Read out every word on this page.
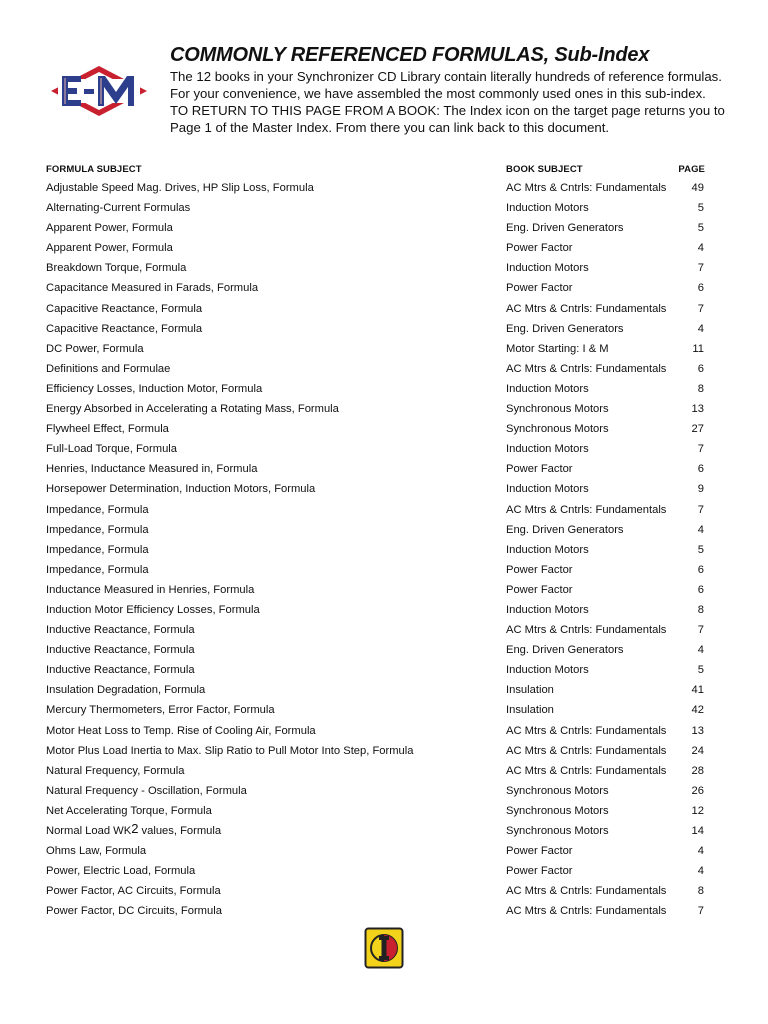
COMMONLY REFERENCED FORMULAS, Sub-Index
The 12 books in your Synchronizer CD Library contain literally hundreds of reference formulas.
For your convenience, we have assembled the most commonly used ones in this sub-index.
TO RETURN TO THIS PAGE FROM A BOOK: The Index icon on the target page returns you to
Page 1 of the Master Index. From there you can link back to this document.
FORMULA SUBJECT	BOOK SUBJECT	PAGE
Adjustable Speed Mag. Drives, HP Slip Loss, Formula	AC Mtrs & Cntrls: Fundamentals 49
Alternating-Current Formulas	Induction Motors	5
Apparent Power, Formula	Eng. Driven Generators	5
Apparent Power, Formula	Power Factor	4
Breakdown Torque, Formula	Induction Motors	7
Capacitance Measured in Farads, Formula	Power Factor	6
Capacitive Reactance, Formula	AC Mtrs & Cntrls: Fundamentals	7
Capacitive Reactance, Formula	Eng. Driven Generators	4
DC Power, Formula	Motor Starting: I & M	11
Definitions and Formulae	AC Mtrs & Cntrls: Fundamentals	6
Efficiency Losses, Induction Motor, Formula	Induction Motors	8
Energy Absorbed in Accelerating a Rotating Mass, Formula	Synchronous Motors	13
Flywheel Effect, Formula	Synchronous Motors	27
Full-Load Torque, Formula	Induction Motors	7
Henries, Inductance Measured in, Formula	Power Factor	6
Horsepower Determination, Induction Motors, Formula	Induction Motors	9
Impedance, Formula	AC Mtrs & Cntrls: Fundamentals	7
Impedance, Formula	Eng. Driven Generators	4
Impedance, Formula	Induction Motors	5
Impedance, Formula	Power Factor	6
Inductance Measured in Henries, Formula	Power Factor	6
Induction Motor Efficiency Losses, Formula	Induction Motors	8
Inductive Reactance, Formula	AC Mtrs & Cntrls: Fundamentals	7
Inductive Reactance, Formula	Eng. Driven Generators	4
Inductive Reactance, Formula	Induction Motors	5
Insulation Degradation, Formula	Insulation	41
Mercury Thermometers, Error Factor, Formula	Insulation	42
Motor Heat Loss to Temp. Rise of Cooling Air, Formula	AC Mtrs & Cntrls: Fundamentals 13
Motor Plus Load Inertia to Max. Slip Ratio to Pull Motor Into Step, Formula	AC Mtrs & Cntrls: Fundamentals 24
Natural Frequency, Formula	AC Mtrs & Cntrls: Fundamentals 28
Natural Frequency - Oscillation, Formula	Synchronous Motors	26
Net Accelerating Torque, Formula	Synchronous Motors	12
Normal Load $WK^2$ values, Formula	Synchronous Motors	14
Ohms Law, Formula	Power Factor	4
Power, Electric Load, Formula	Power Factor	4
Power Factor, AC Circuits, Formula	AC Mtrs & Cntrls: Fundamentals	8
Power Factor, DC Circuits, Formula	AC Mtrs & Cntrls: Fundamentals	7
